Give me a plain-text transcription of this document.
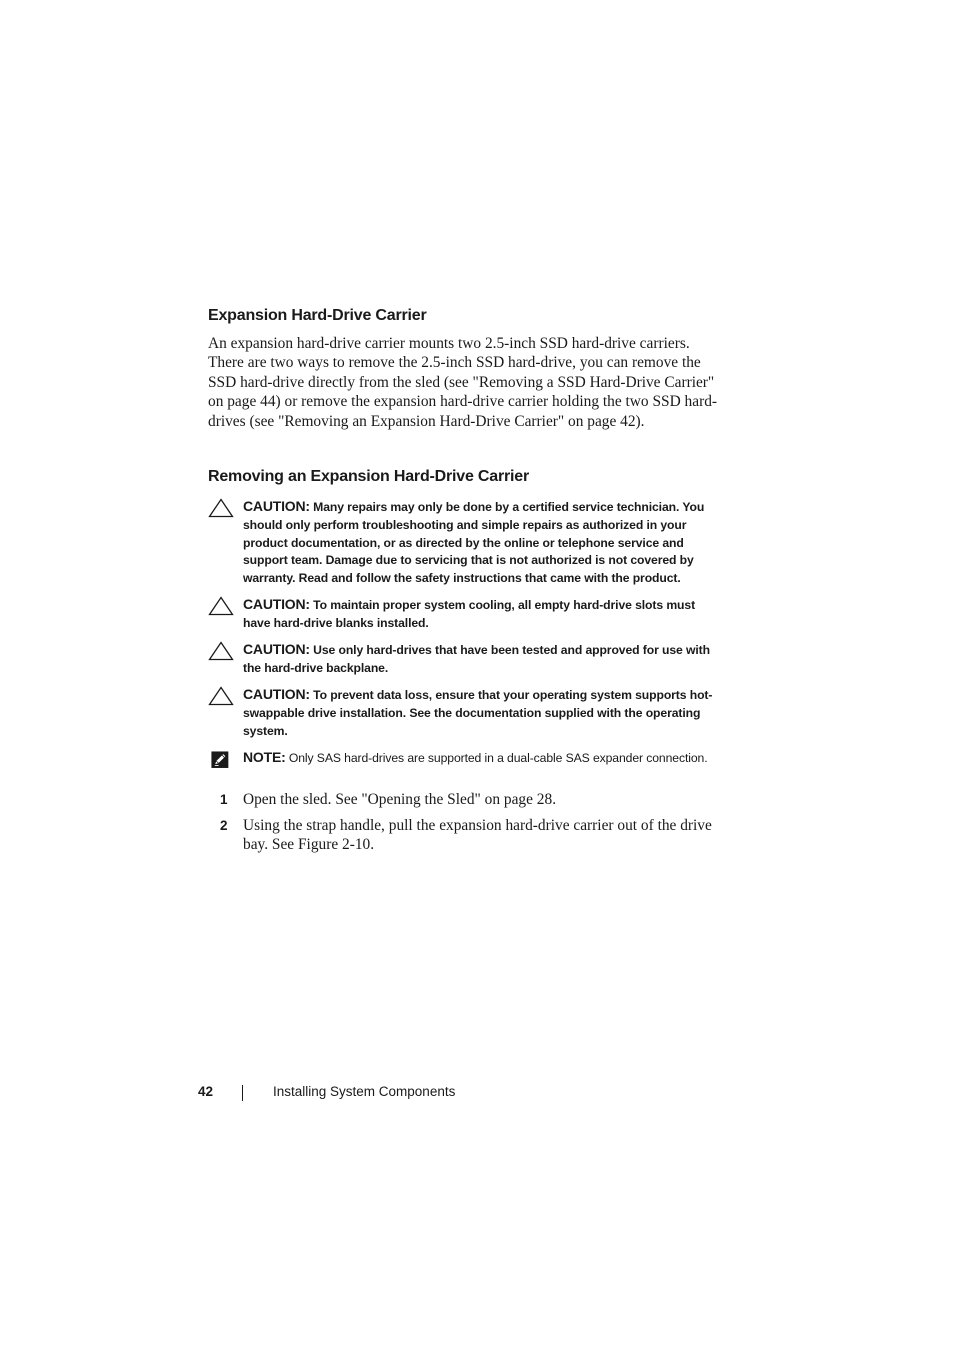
Expansion Hard-Drive Carrier

An expansion hard-drive carrier mounts two 2.5-inch SSD hard-drive carriers. There are two ways to remove the 2.5-inch SSD hard-drive, you can remove the SSD hard-drive directly from the sled (see "Removing a SSD Hard-Drive Carrier" on page 44) or remove the expansion hard-drive carrier holding the two SSD hard-drives (see "Removing an Expansion Hard-Drive Carrier" on page 42).

Removing an Expansion Hard-Drive Carrier
CAUTION: Many repairs may only be done by a certified service technician. You should only perform troubleshooting and simple repairs as authorized in your product documentation, or as directed by the online or telephone service and support team. Damage due to servicing that is not authorized is not covered by warranty. Read and follow the safety instructions that came with the product.
CAUTION: To maintain proper system cooling, all empty hard-drive slots must have hard-drive blanks installed.
CAUTION: Use only hard-drives that have been tested and approved for use with the hard-drive backplane.
CAUTION: To prevent data loss, ensure that your operating system supports hot-swappable drive installation. See the documentation supplied with the operating system.
NOTE: Only SAS hard-drives are supported in a dual-cable SAS expander connection.
1 Open the sled. See "Opening the Sled" on page 28.
2 Using the strap handle, pull the expansion hard-drive carrier out of the drive bay. See Figure 2-10.
42	Installing System Components
